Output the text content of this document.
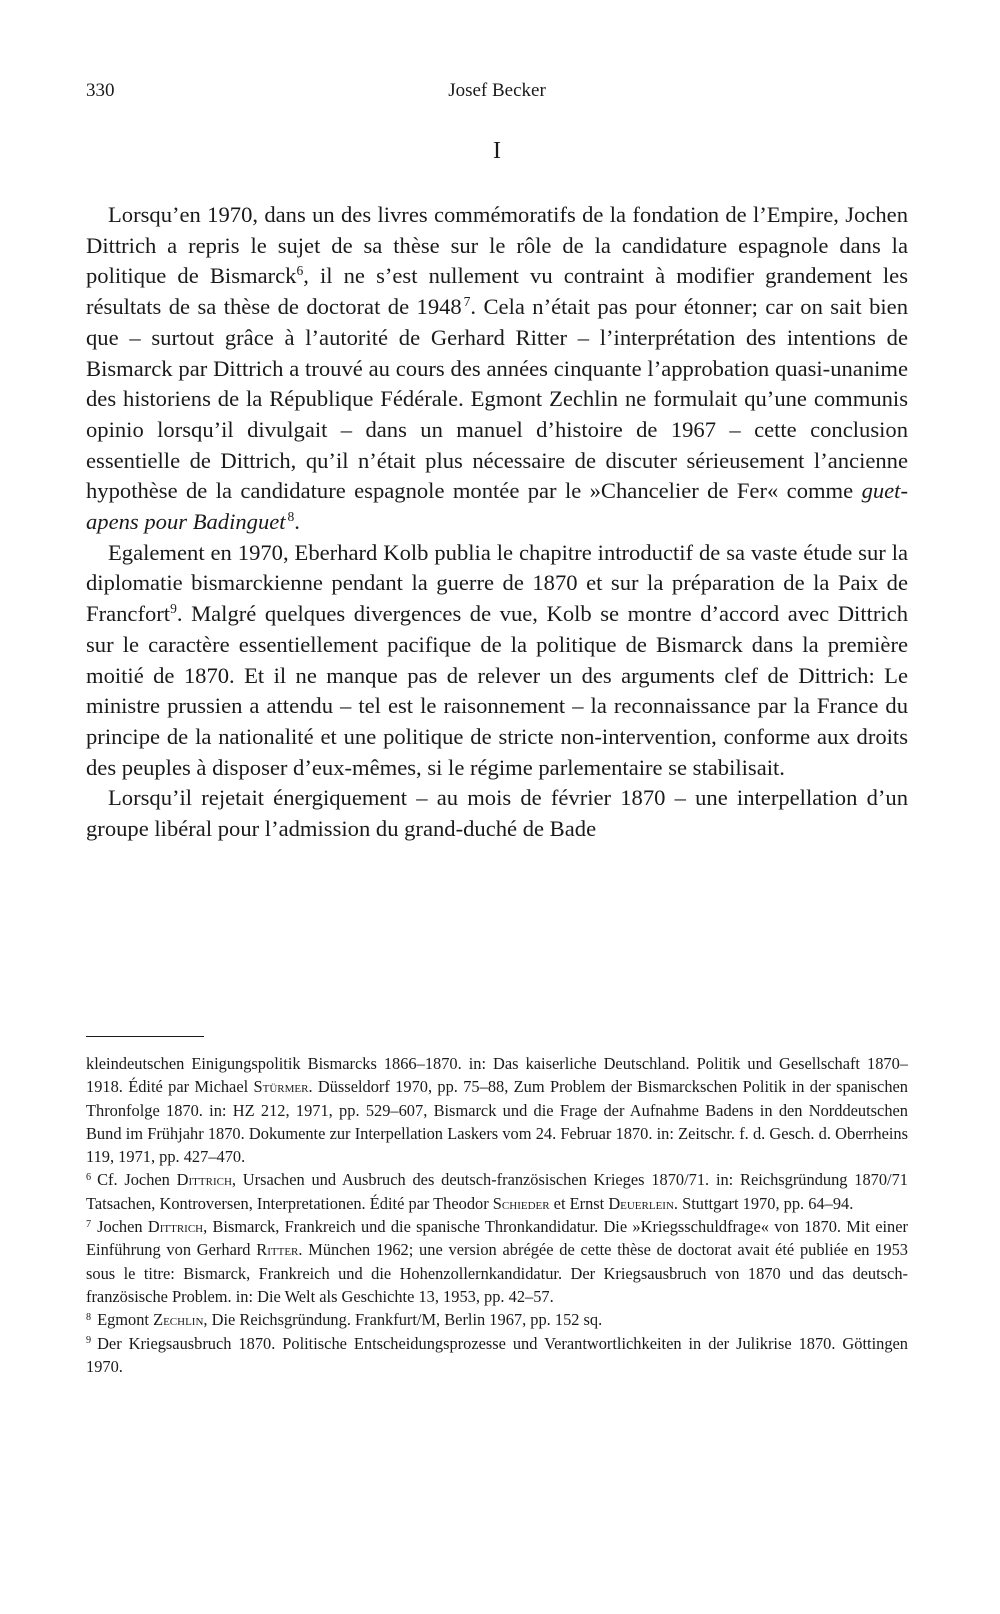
330	Josef Becker
I

Lorsqu’en 1970, dans un des livres commémoratifs de la fondation de l’Empire, Jochen Dittrich a repris le sujet de sa thèse sur le rôle de la candidature espagnole dans la politique de Bismarck$^6$, il ne s’est nullement vu contraint à modifier grandement les résultats de sa thèse de doctorat de 1948  $^7$. Cela n’était pas pour étonner; car on sait bien que – surtout grâce à l’autorité de Gerhard Ritter – l’interprétation des intentions de Bismarck par Dittrich a trouvé au cours des années cinquante l’approbation quasi-unanime des historiens de la République Fédérale. Egmont Zechlin ne formulait qu’une communis opinio lorsqu’il divulgait – dans un manuel d’histoire de 1967 – cette conclusion essentielle de Dittrich, qu’il n’était plus nécessaire de discuter sérieusement l’ancienne hypothèse de la candidature espagnole montée par le »Chancelier de Fer« comme guet-apens pour Badinguet  $^8$.

Egalement en 1970, Eberhard Kolb publia le chapitre introductif de sa vaste étude sur la diplomatie bismarckienne pendant la guerre de 1870 et sur la préparation de la Paix de Francfort$^9$. Malgré quelques divergences de vue, Kolb se montre d’accord avec Dittrich sur le caractère essentiellement pacifique de la politique de Bismarck dans la première moitié de 1870. Et il ne manque pas de relever un des arguments clef de Dittrich: Le ministre prussien a attendu – tel est le raisonnement – la reconnaissance par la France du principe de la nationalité et une politique de stricte non-intervention, conforme aux droits des peuples à disposer d’eux-mêmes, si le régime parlementaire se stabilisait.

Lorsqu’il rejetait énergiquement – au mois de février 1870 – une interpellation d’un groupe libéral pour l’admission du grand-duché de Bade

kleindeutschen Einigungspolitik Bismarcks 1866–1870. in: Das kaiserliche Deutschland. Politik und Gesellschaft 1870–1918. Édité par Michael Stürmer. Düsseldorf 1970, pp. 75–88, Zum Problem der Bismarckschen Politik in der spanischen Thronfolge 1870. in: HZ 212, 1971, pp. 529–607, Bismarck und die Frage der Aufnahme Badens in den Norddeutschen Bund im Frühjahr 1870. Dokumente zur Interpellation Laskers vom 24. Februar 1870. in: Zeitschr. f. d. Gesch. d. Oberrheins 119, 1971, pp. 427–470.

6 Cf. Jochen Dittrich, Ursachen und Ausbruch des deutsch-französischen Krieges 1870/71. in: Reichsgründung 1870/71 Tatsachen, Kontroversen, Interpretationen. Édité par Theodor Schieder et Ernst Deuerlein. Stuttgart 1970, pp. 64–94.

7 Jochen Dittrich, Bismarck, Frankreich und die spanische Thronkandidatur. Die »Kriegsschuldfrage« von 1870. Mit einer Einführung von Gerhard Ritter. München 1962; une version abrégée de cette thèse de doctorat avait été publiée en 1953 sous le titre: Bismarck, Frankreich und die Hohenzollernkandidatur. Der Kriegsausbruch von 1870 und das deutsch-französische Problem. in: Die Welt als Geschichte 13, 1953, pp. 42–57.

8 Egmont Zechlin, Die Reichsgründung. Frankfurt/M, Berlin 1967, pp. 152 sq.

9 Der Kriegsausbruch 1870. Politische Entscheidungsprozesse und Verantwortlichkeiten in der Julikrise 1870. Göttingen 1970.
